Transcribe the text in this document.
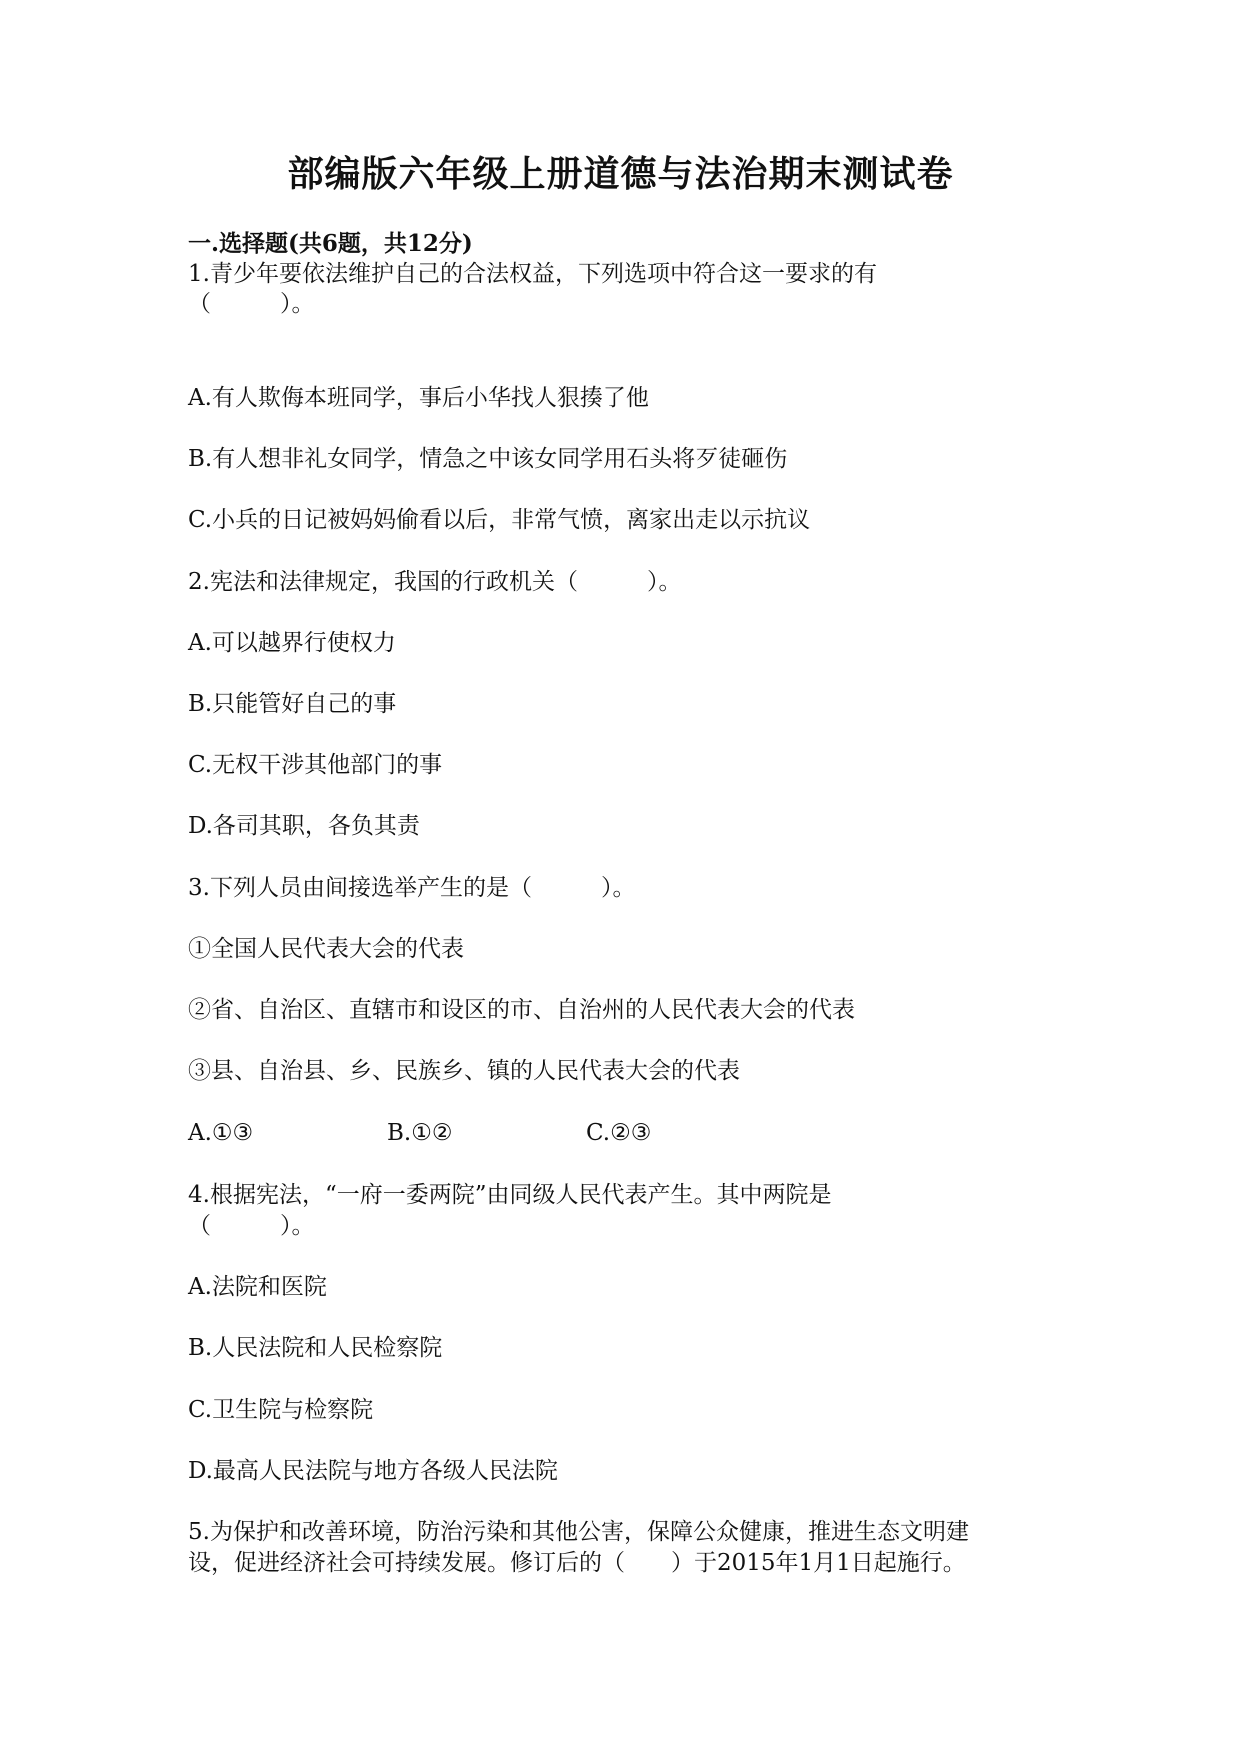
部编版六年级上册道德与法治期末测试卷
一.选择题(共6题，共12分)
1.青少年要依法维护自己的合法权益，下列选项中符合这一要求的有
（　　　）。
A.有人欺侮本班同学，事后小华找人狠揍了他
B.有人想非礼女同学，情急之中该女同学用石头将歹徒砸伤
C.小兵的日记被妈妈偷看以后，非常气愤，离家出走以示抗议
2.宪法和法律规定，我国的行政机关（　　　）。
A.可以越界行使权力
B.只能管好自己的事
C.无权干涉其他部门的事
D.各司其职，各负其责
3.下列人员由间接选举产生的是（　　　）。
①全国人民代表大会的代表
②省、自治区、直辖市和设区的市、自治州的人民代表大会的代表
③县、自治县、乡、民族乡、镇的人民代表大会的代表
A.①③	B.①②	C.②③
4.根据宪法，“一府一委两院”由同级人民代表产生。其中两院是
（　　　）。
A.法院和医院
B.人民法院和人民检察院
C.卫生院与检察院
D.最高人民法院与地方各级人民法院
5.为保护和改善环境，防治污染和其他公害，保障公众健康，推进生态文明建
设，促进经济社会可持续发展。修订后的（　　）于2015年1月1日起施行。
